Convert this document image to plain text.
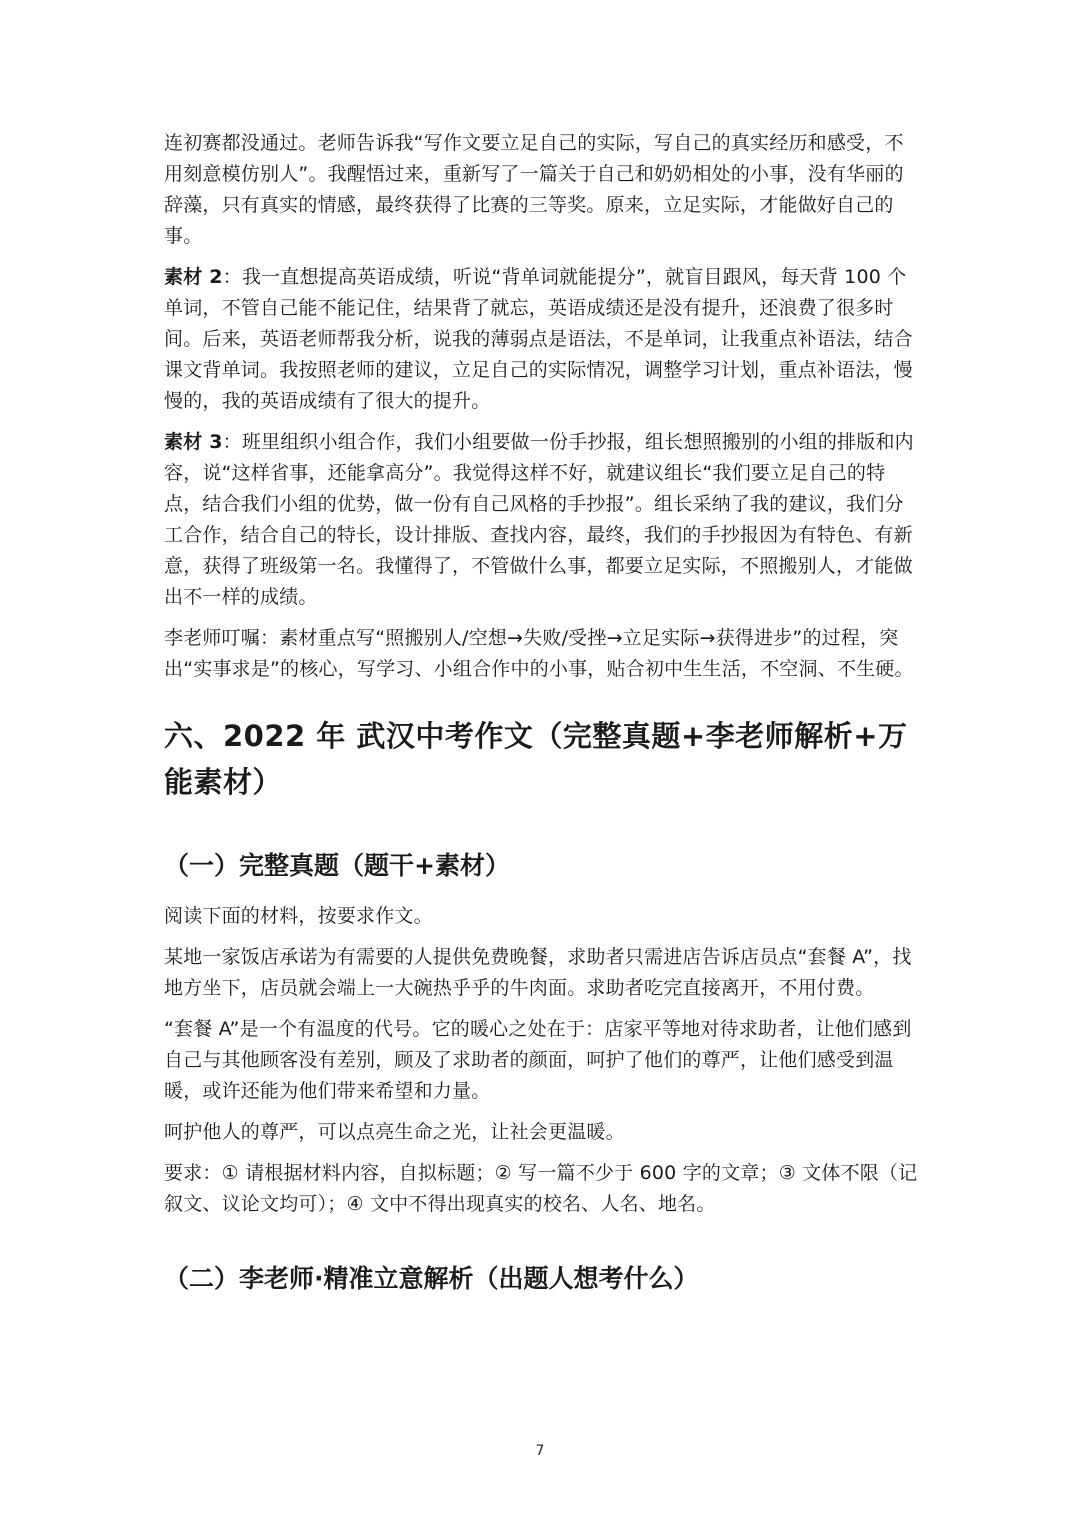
连初赛都没通过。老师告诉我“写作文要立足自己的实际，写自己的真实经历和感受，不用刻意模仿别人”。我醒悟过来，重新写了一篇关于自己和奶奶相处的小事，没有华丽的辞藻，只有真实的情感，最终获得了比赛的三等奖。原来，立足实际，才能做好自己的事。

素材 2：我一直想提高英语成绩，听说“背单词就能提分”，就盲目跟风，每天背 100 个单词，不管自己能不能记住，结果背了就忘，英语成绩还是没有提升，还浪费了很多时间。后来，英语老师帮我分析，说我的薄弱点是语法，不是单词，让我重点补语法，结合课文背单词。我按照老师的建议，立足自己的实际情况，调整学习计划，重点补语法，慢慢的，我的英语成绩有了很大的提升。

素材 3：班里组织小组合作，我们小组要做一份手抄报，组长想照搬别的小组的排版和内容，说“这样省事，还能拿高分”。我觉得这样不好，就建议组长“我们要立足自己的特点，结合我们小组的优势，做一份有自己风格的手抄报”。组长采纳了我的建议，我们分工合作，结合自己的特长，设计排版、查找内容，最终，我们的手抄报因为有特色、有新意，获得了班级第一名。我懂得了，不管做什么事，都要立足实际，不照搬别人，才能做出不一样的成绩。

李老师叮嘱：素材重点写“照搬别人/空想→失败/受挫→立足实际→获得进步”的过程，突出“实事求是”的核心，写学习、小组合作中的小事，贴合初中生生活，不空洞、不生硬。

六、2022 年 武汉中考作文（完整真题+李老师解析+万能素材）
（一）完整真题（题干+素材）

阅读下面的材料，按要求作文。

某地一家饭店承诺为有需要的人提供免费晚餐，求助者只需进店告诉店员点“套餐 A”，找地方坐下，店员就会端上一大碗热乎乎的牛肉面。求助者吃完直接离开，不用付费。

“套餐 A”是一个有温度的代号。它的暖心之处在于：店家平等地对待求助者，让他们感到自己与其他顾客没有差别，顾及了求助者的颜面，呵护了他们的尊严，让他们感受到温暖，或许还能为他们带来希望和力量。

呵护他人的尊严，可以点亮生命之光，让社会更温暖。

要求：① 请根据材料内容，自拟标题；② 写一篇不少于 600 字的文章；③ 文体不限（记叙文、议论文均可）；④ 文中不得出现真实的校名、人名、地名。

（二）李老师·精准立意解析（出题人想考什么）
7
